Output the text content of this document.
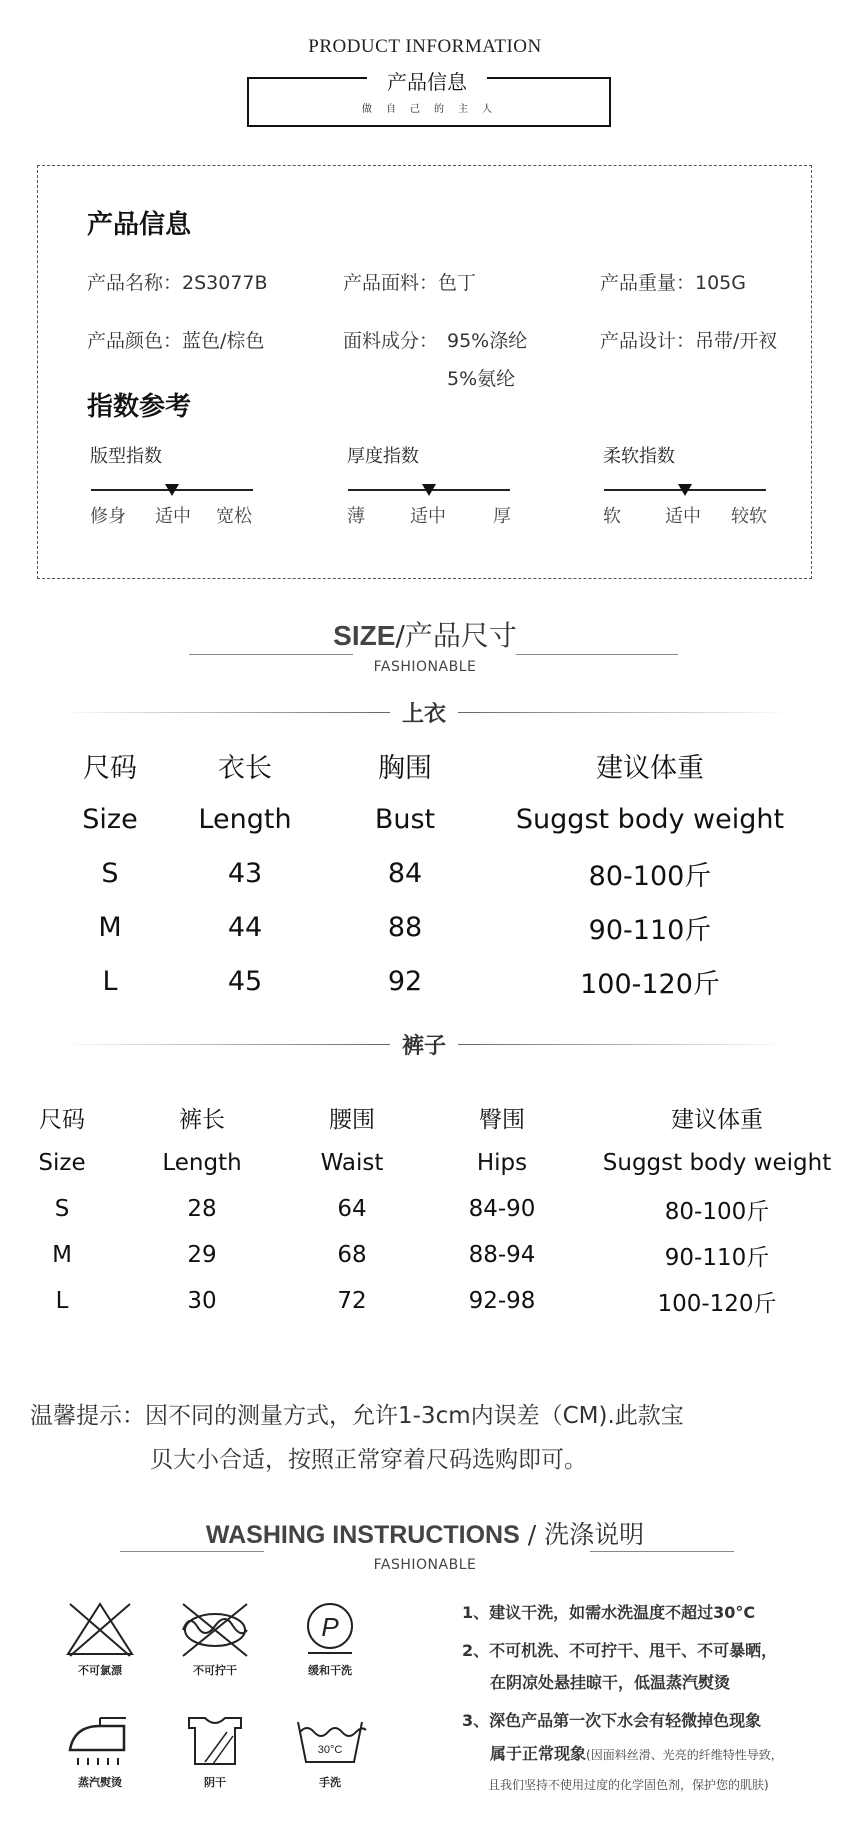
PRODUCT INFORMATION
产品信息
做自己的主人
产品信息
产品名称：2S3077B	产品面料：色丁	产品重量：105G
产品颜色：蓝色/棕色	面料成分： 95%涤纶
5%氨纶
产品设计：吊带/开衩
指数参考
版型指数
修身 适中 宽松
厚度指数
薄	适中	厚
柔软指数
软 适中 较软
SIZE/产品尺寸
FASHIONABLE
上衣
尺码	衣长	胸围	建议体重
Size	Length	Bust	Suggst body weight
S	43	84	80-100斤
M	44	88	90-110斤
L	45	92	100-120斤
裤子
尺码	裤长	腰围	臀围	建议体重
Size	Length	Waist	Hips	Suggst body weight
S	28	64	84-90	80-100斤
M	29	68	88-94	90-110斤
L	30	72	92-98	100-120斤
温馨提示：因不同的测量方式，允许1-3cm内误差（CM).此款宝
贝大小合适，按照正常穿着尺码选购即可。
WASHING INSTRUCTIONS / 洗涤说明
FASHIONABLE
不可氯漂	不可拧干
P
缓和干洗
蒸汽熨烫	阴干
30°C
手洗
1、建议干洗，如需水洗温度不超过30°C
2、不可机洗、不可拧干、甩干、不可暴晒，
在阴凉处悬挂晾干，低温蒸汽熨烫
3、深色产品第一次下水会有轻微掉色现象
属于正常现象(因面料丝滑、光亮的纤维特性导致，
且我们坚持不使用过度的化学固色剂，保护您的肌肤)
